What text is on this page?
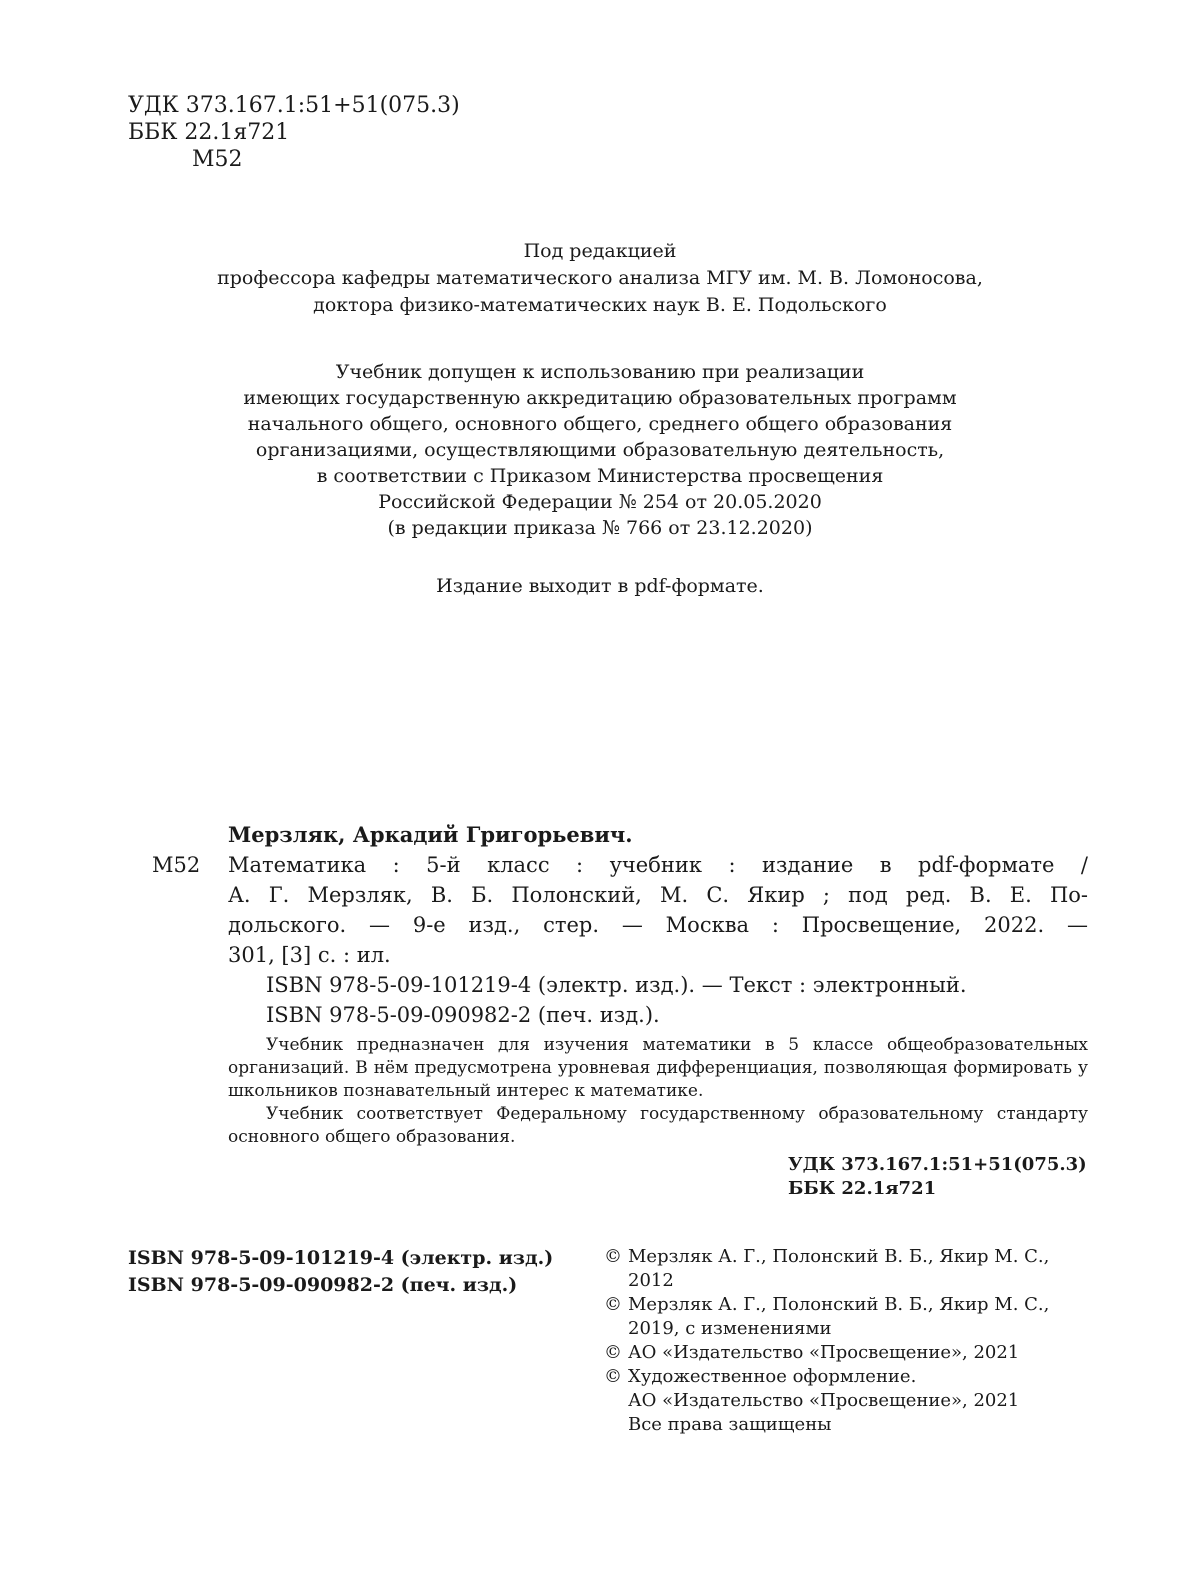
УДК 373.167.1:51+51(075.3)
ББК 22.1я721
М52
Под редакцией
профессора кафедры математического анализа МГУ им. М. В. Ломоносова,
доктора физико-математических наук В. Е. Подольского
Учебник допущен к использованию при реализации
имеющих государственную аккредитацию образовательных программ
начального общего, основного общего, среднего общего образования
организациями, осуществляющими образовательную деятельность,
в соответствии с Приказом Министерства просвещения
Российской Федерации № 254 от 20.05.2020
(в редакции приказа № 766 от 23.12.2020)
Издание выходит в pdf-формате.
Мерзляк, Аркадий Григорьевич.
М52 Математика : 5-й класс : учебник : издание в pdf-формате /
А. Г. Мерзляк, В. Б. Полонский, М. С. Якир ; под ред. В. Е. По-
дольского. — 9-е изд., стер. — Москва : Просвещение, 2022. —
301, [3] с. : ил.
ISBN 978-5-09-101219-4 (электр. изд.). — Текст : электронный.
ISBN 978-5-09-090982-2 (печ. изд.).

Учебник предназначен для изучения математики в 5 классе общеобразовательных организаций. В нём предусмотрена уровневая дифференциация, позволяющая формировать у школьников познавательный интерес к математике.

Учебник соответствует Федеральному государственному образовательному стандарту основного общего образования.

УДК 373.167.1:51+51(075.3)
ББК 22.1я721
ISBN 978-5-09-101219-4 (электр. изд.)
ISBN 978-5-09-090982-2 (печ. изд.)
© Мерзляк А. Г., Полонский В. Б., Якир М. С.,
2012
© Мерзляк А. Г., Полонский В. Б., Якир М. С.,
2019, с изменениями
© АО «Издательство «Просвещение», 2021
© Художественное оформление.
АО «Издательство «Просвещение», 2021
Все права защищены
